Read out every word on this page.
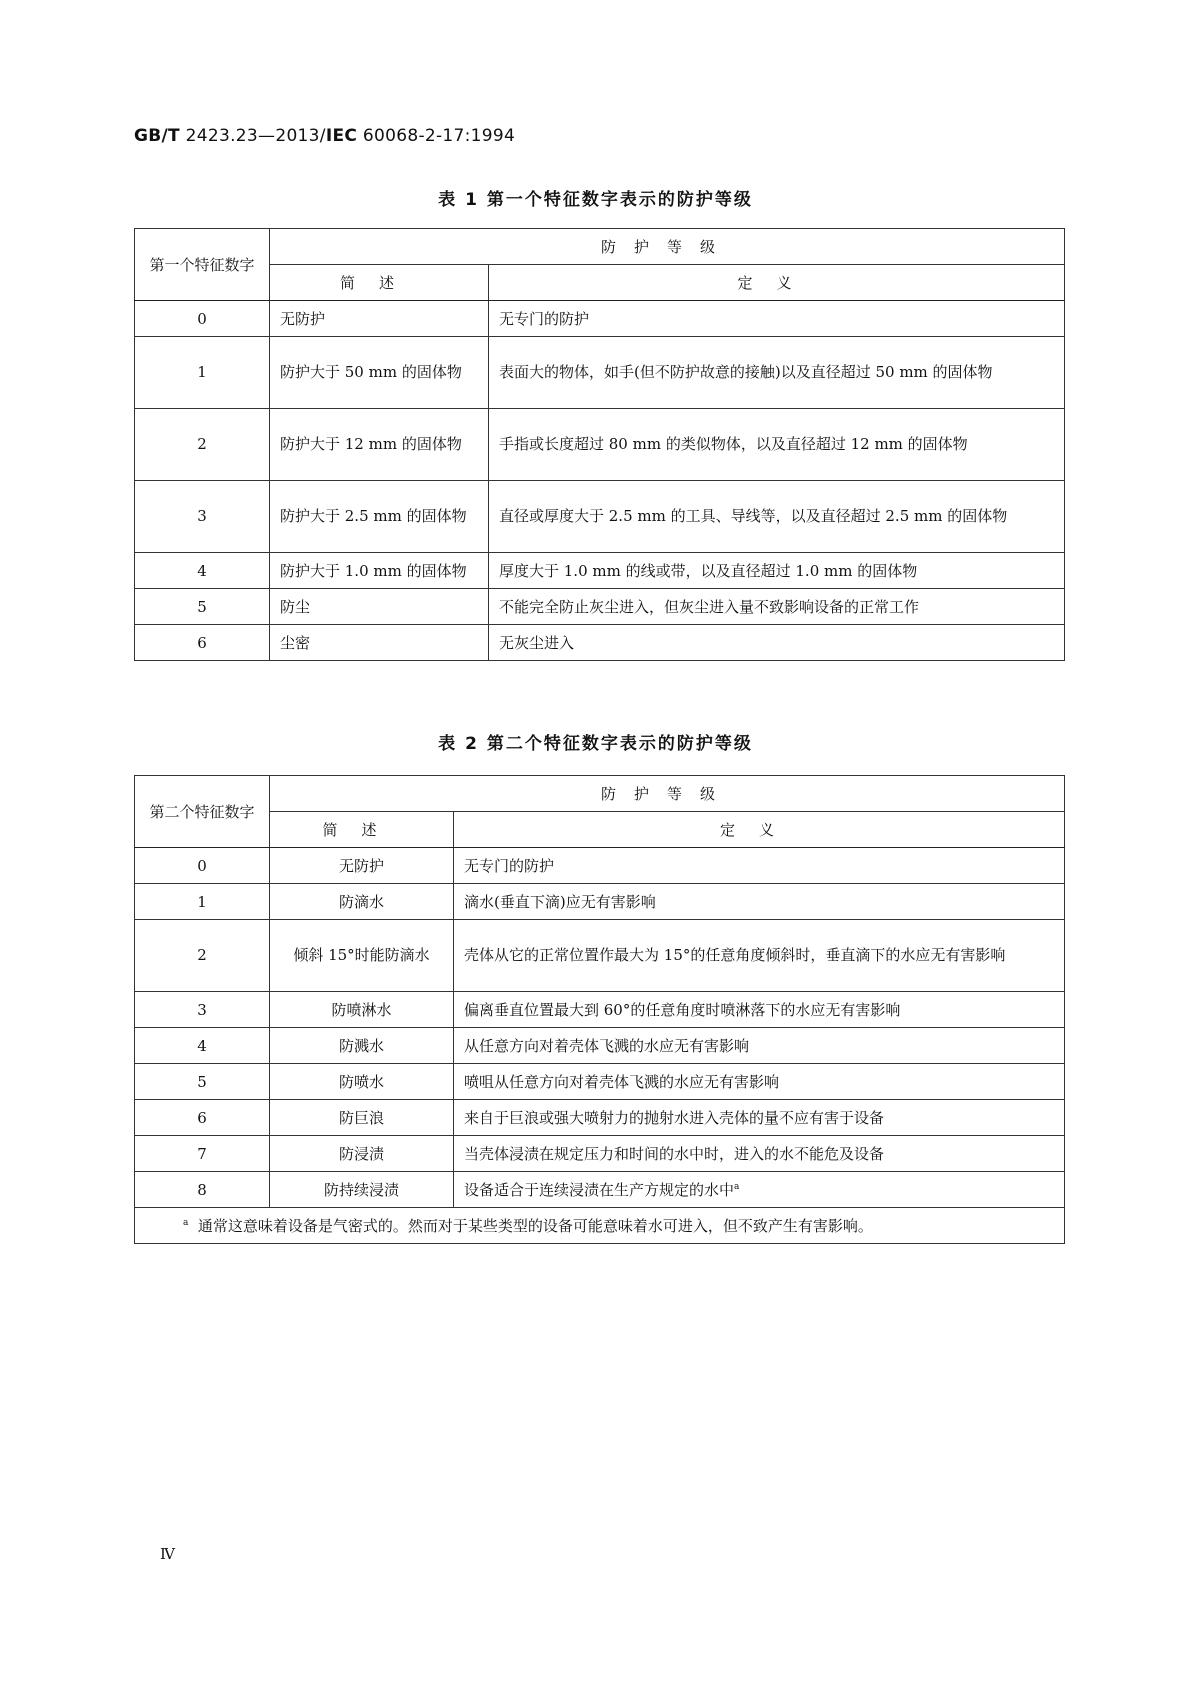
GB/T 2423.23—2013/IEC 60068-2-17:1994
表 1 第一个特征数字表示的防护等级
第一个特征数字	防护等级	
	简述	定义
0	无防护	无专门的防护
1	防护大于 50 mm 的固体物	表面大的物体，如手(但不防护故意的接触)以及直径超过 50 mm 的固体物
2	防护大于 12 mm 的固体物	手指或长度超过 80 mm 的类似物体，以及直径超过 12 mm 的固体物
3	防护大于 2.5 mm 的固体物	直径或厚度大于 2.5 mm 的工具、导线等，以及直径超过 2.5 mm 的固体物
4	防护大于 1.0 mm 的固体物	厚度大于 1.0 mm 的线或带，以及直径超过 1.0 mm 的固体物
5	防尘	不能完全防止灰尘进入，但灰尘进入量不致影响设备的正常工作
6	尘密	无灰尘进入
表 2 第二个特征数字表示的防护等级
第二个特征数字	防护等级	
	简述	定义
0	无防护	无专门的防护
1	防滴水	滴水(垂直下滴)应无有害影响
2	倾斜 15°时能防滴水	壳体从它的正常位置作最大为 15°的任意角度倾斜时，垂直滴下的水应无有害影响
3	防喷淋水	偏离垂直位置最大到 60°的任意角度时喷淋落下的水应无有害影响
4	防溅水	从任意方向对着壳体飞溅的水应无有害影响
5	防喷水	喷咀从任意方向对着壳体飞溅的水应无有害影响
6	防巨浪	来自于巨浪或强大喷射力的抛射水进入壳体的量不应有害于设备
7	防浸渍	当壳体浸渍在规定压力和时间的水中时，进入的水不能危及设备
8	防持续浸渍	设备适合于连续浸渍在生产方规定的水中$^a$
$^a$ 通常这意味着设备是气密式的。然而对于某些类型的设备可能意味着水可进入，但不致产生有害影响。		
Ⅳ
